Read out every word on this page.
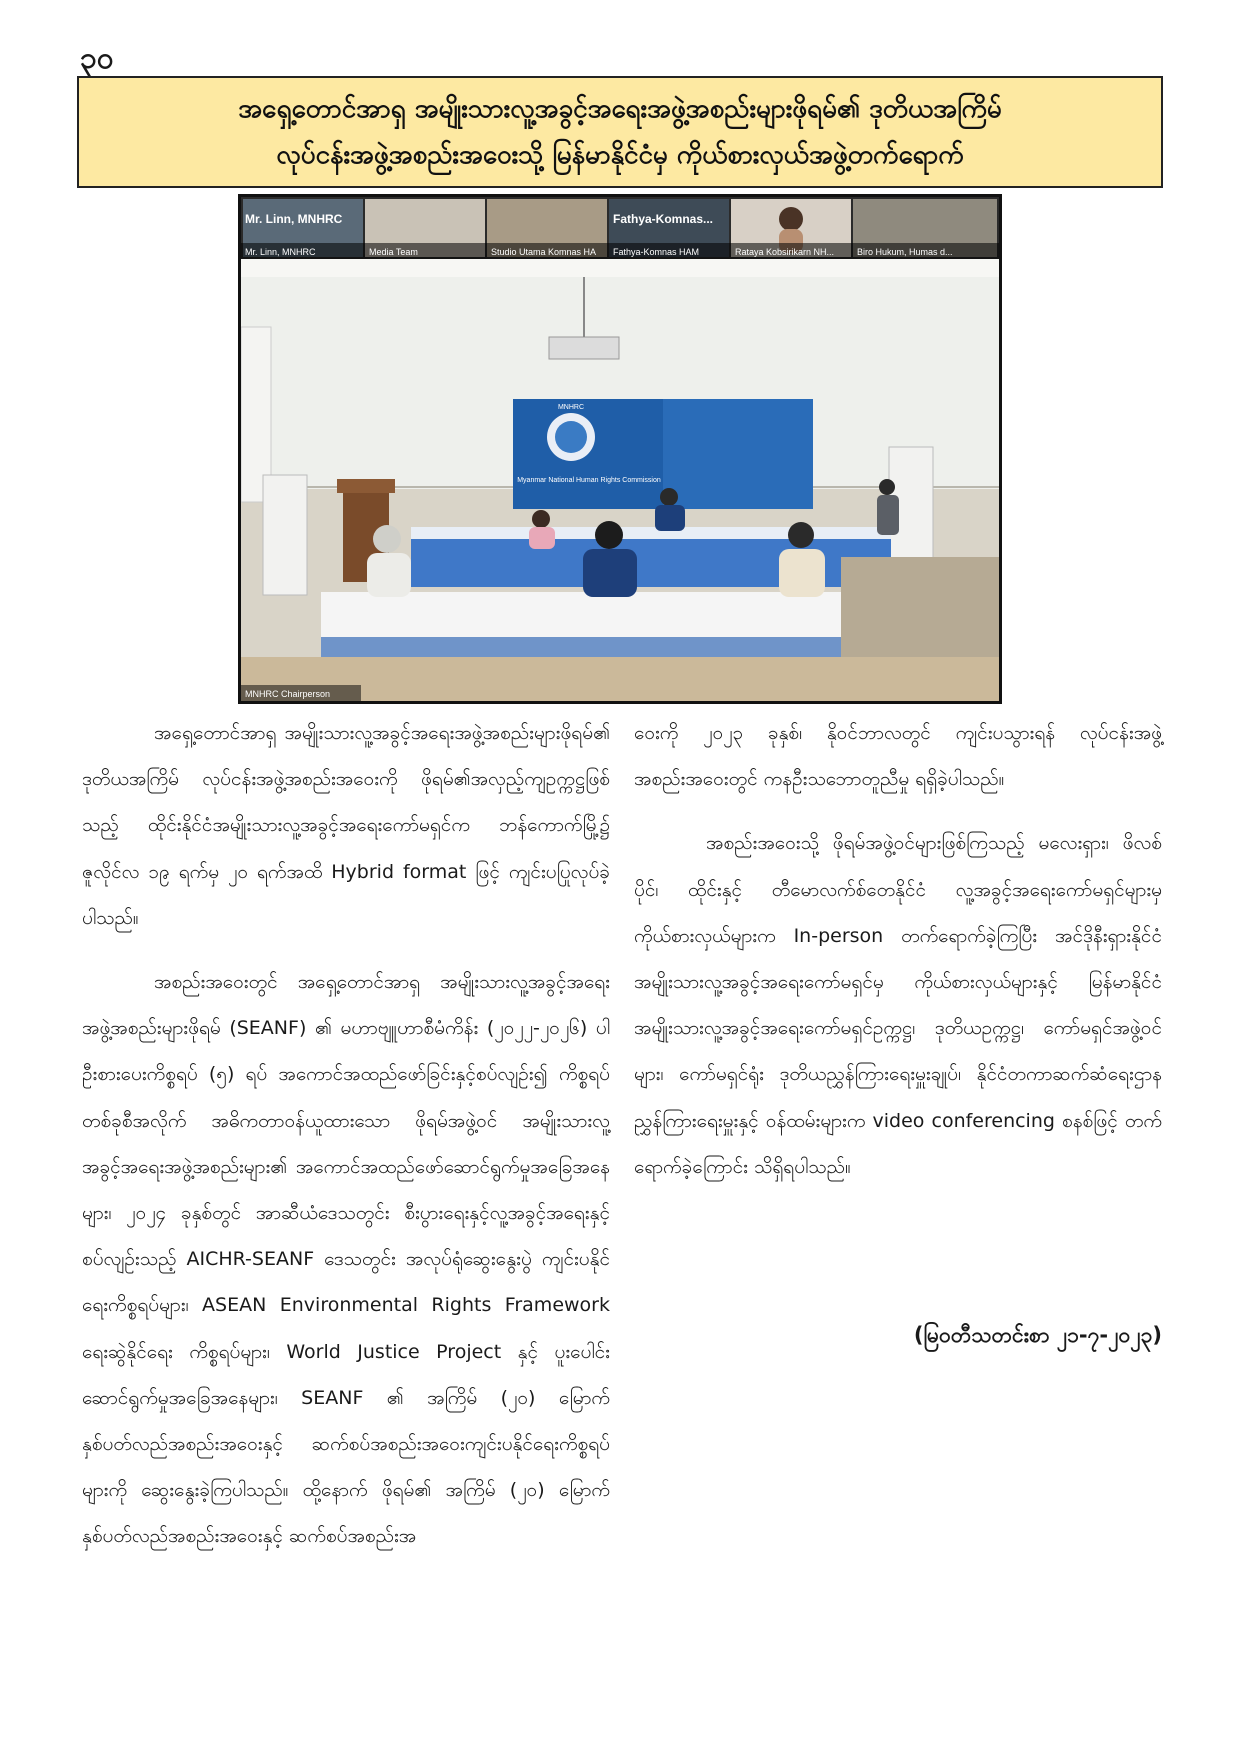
၃၀
အရှေ့တောင်အာရှ အမျိုးသားလူ့အခွင့်အရေးအဖွဲ့အစည်းများဖိုရမ်၏ ဒုတိယအကြိမ်
လုပ်ငန်းအဖွဲ့အစည်းအဝေးသို့ မြန်မာနိုင်ငံမှ ကိုယ်စားလှယ်အဖွဲ့တက်ရောက်
Mr. Linn, MNHRC	Fathya-Komnas...
Mr. Linn, MNHRC	Media Team	Studio Utama Komnas HA Fathya-Komnas HAM	Rataya Kobsirikarn NH...	Biro Hukum, Humas d...
MNHRC
Myanmar National Human Rights Commission
MNHRC Chairperson

အရှေ့တောင်အာရှ အမျိုးသားလူ့အခွင့်အရေးအဖွဲ့အစည်းများဖိုရမ်၏ ဒုတိယအကြိမ် လုပ်ငန်းအဖွဲ့အစည်းအဝေးကို ဖိုရမ်၏အလှည့်ကျဥက္ကဋ္ဌဖြစ်သည့် ထိုင်းနိုင်ငံအမျိုးသားလူ့အခွင့်အရေးကော်မရှင်က ဘန်ကောက်မြို့၌ ဇူလိုင်လ ၁၉ ရက်မှ ၂၀ ရက်အထိ Hybrid format ဖြင့် ကျင်းပပြုလုပ်ခဲ့ပါသည်။

အစည်းအဝေးတွင် အရှေ့တောင်အာရှ အမျိုးသားလူ့အခွင့်အရေးအဖွဲ့အစည်းများဖိုရမ် (SEANF) ၏ မဟာဗျူဟာစီမံကိန်း (၂၀၂၂-၂၀၂၆) ပါ ဦးစားပေးကိစ္စရပ် (၅) ရပ် အကောင်အထည်ဖော်ခြင်းနှင့်စပ်လျဉ်း၍ ကိစ္စရပ်တစ်ခုစီအလိုက် အဓိကတာဝန်ယူထားသော ဖိုရမ်အဖွဲ့ဝင် အမျိုးသားလူ့အခွင့်အရေးအဖွဲ့အစည်းများ၏ အကောင်အထည်ဖော်ဆောင်ရွက်မှုအခြေအနေများ၊ ၂၀၂၄ ခုနှစ်တွင် အာဆီယံဒေသတွင်း စီးပွားရေးနှင့်လူ့အခွင့်အရေးနှင့်စပ်လျဉ်းသည့် AICHR-SEANF ဒေသတွင်း အလုပ်ရုံဆွေးနွေးပွဲ ကျင်းပနိုင်ရေးကိစ္စရပ်များ၊ ASEAN Environmental Rights Framework ရေးဆွဲနိုင်ရေး ကိစ္စရပ်များ၊ World Justice Project နှင့် ပူးပေါင်းဆောင်ရွက်မှုအခြေအနေများ၊ SEANF ၏ အကြိမ် (၂၀) မြောက် နှစ်ပတ်လည်အစည်းအဝေးနှင့် ဆက်စပ်အစည်းအဝေးကျင်းပနိုင်ရေးကိစ္စရပ်များကို ဆွေးနွေးခဲ့ကြပါသည်။ ထို့နောက် ဖိုရမ်၏ အကြိမ် (၂၀) မြောက် နှစ်ပတ်လည်အစည်းအဝေးနှင့် ဆက်စပ်အစည်းအ

ဝေးကို ၂၀၂၃ ခုနှစ်၊ နိုဝင်ဘာလတွင် ကျင်းပသွားရန် လုပ်ငန်းအဖွဲ့အစည်းအဝေးတွင် ကနဦးသဘောတူညီမှု ရရှိခဲ့ပါသည်။

အစည်းအဝေးသို့ ဖိုရမ်အဖွဲ့ဝင်များဖြစ်ကြသည့် မလေးရှား၊ ဖိလစ်ပိုင်၊ ထိုင်းနှင့် တီမောလက်စ်တေနိုင်ငံ လူ့အခွင့်အရေးကော်မရှင်များမှ ကိုယ်စားလှယ်များက In-person တက်ရောက်ခဲ့ကြပြီး အင်ဒိုနီးရှားနိုင်ငံ အမျိုးသားလူ့အခွင့်အရေးကော်မရှင်မှ ကိုယ်စားလှယ်များနှင့် မြန်မာနိုင်ငံအမျိုးသားလူ့အခွင့်အရေးကော်မရှင်ဥက္ကဋ္ဌ၊ ဒုတိယဥက္ကဋ္ဌ၊ ကော်မရှင်အဖွဲ့ဝင်များ၊ ကော်မရှင်ရုံး ဒုတိယညွှန်ကြားရေးမှူးချုပ်၊ နိုင်ငံတကာဆက်ဆံရေးဌာန ညွှန်ကြားရေးမှူးနှင့် ဝန်ထမ်းများက video conferencing စနစ်ဖြင့် တက်ရောက်ခဲ့ကြောင်း သိရှိရပါသည်။

(မြဝတီသတင်းစာ ၂၁-၇-၂၀၂၃)
